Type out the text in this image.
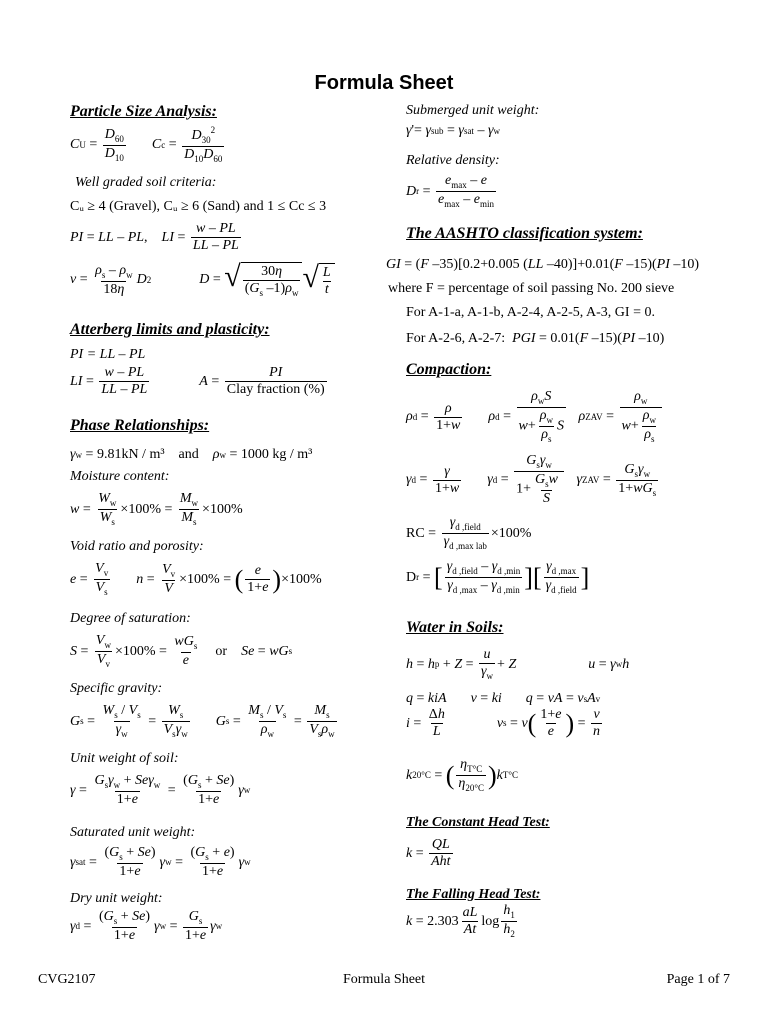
Formula Sheet
Particle Size Analysis:
C U =
$D_{60}$
$D_{10}$
C c =
$D_{30}^2$
$D_{10}D_{60}$
Well graded soil criteria:
Cᵤ ≥ 4 (Gravel), Cᵤ ≥ 6 (Sand) and 1 ≤ Cc ≤ 3
PI = LL – PL , LI =
w – PL
LL – PL
v =
$\rho_s - \rho_w$
18η
D 2	D = √ 30η
($G_s$ $-1)\rho_w$ √ L
t
Atterberg limits and plasticity:
PI = LL – PL
LI =
w – PL
LL – PL
A =
PI
Clay fraction (%)
Phase Relationships:
γ w = 9.81kN / m³
and
ρ w = 1000 kg / m³
Moisture content:
w =
$W_w$
$W_s$
×100% =
$M_w$
$M_s$
×100%
Void ratio and porosity:
e =
$V_v$
$V_s$
n =
$V_v$
V
×100% = ( e
1+e ) ×100%
Degree of saturation:
S =
$V_w$
$V_v$
×100% =
$wG_s$
e

or
Se = wG s
Specific gravity:
G s =
$W_s / V_s$
$\gamma_w$
=
$W_s$
$V_s\gamma_w$
G s =
$M_s / V_s$
$\rho_w$
=
$M_s$
$V_s\rho_w$
Unit weight of soil:
γ =
$G_s\gamma_w + Se\gamma_w$
1+e
=
$(G_s + Se)$
1+e
γ w
Saturated unit weight:
γ sat =
$(G_s + Se)$
1+e
γ w =
$(G_s + e)$
1+e
γ w
Dry unit weight:
γ d =
$(G_s + Se)$
1+e
γ w =
$G_s$
1+e
γ w
Submerged unit weight:
γ '= γ sub = γ sat – γ w
Relative density:
D r =
$e_{max}$ – e
$e_{max} - e_{min}$
The AASHTO classification system:
GI = ( F –35)[0.2+0.005 ( LL –40)]+0.01( F –15)( PI –10)
where F = percentage of soil passing No. 200 sieve
For A-1-a, A-1-b, A-2-4, A-2-5, A-3, GI = 0.
For A-2-6, A-2-7:
PGI = 0.01( F –15)( PI –10)
Compaction:
ρ d =
ρ
1+w
ρ d =
$\rho_wS$
$w+ \frac{\rho_w}{\rho_s}$ S

ρ ZAV =
$\rho_w$
$w+ \frac{\rho_w}{\rho_s}$
γ d =
γ
1+w
γ d =
$G_s\gamma_w$
1+
$G_sw$
S

γ ZAV =
$G_s\gamma_w$
$1+wG_s$
RC =
$\gamma_{d ,field}$
$\gamma_{d ,max lab}$
×100%
D r = [ $\gamma_{d ,field} - \gamma_{d ,min}$
$\gamma_{d ,max} - \gamma_{d ,min}$ ] [ $\gamma_{d ,max}$
$\gamma_{d ,field}$ ]
Water in Soils:
h = h p + Z =
u
$\gamma_w$
+ Z	u = γ w h
q = kiA v = ki q = vA = v s A v
i =
Δh
L
v s = v ( 1+e
e ) =
v
n
k 20°C = ( $\eta_{T^\circ C}$
$\eta_{20^\circ C}$ ) k T°C
The Constant Head Test:
k =
QL
Aht
The Falling Head Test:
k = 2.303
aL
At
log
$h_1$
$h_2$
CVG2107	Formula Sheet	Page 1 of 7
